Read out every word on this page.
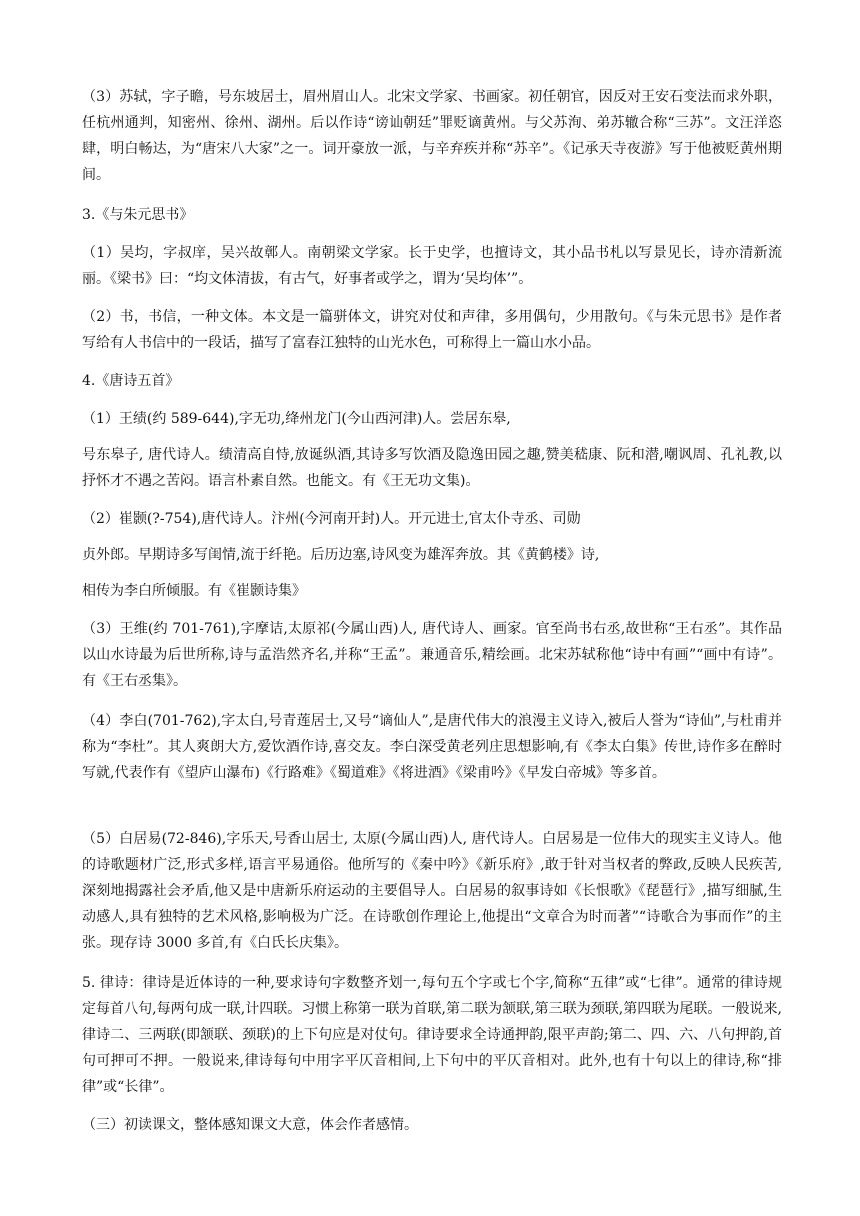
（3）苏轼，字子瞻，号东坡居士，眉州眉山人。北宋文学家、书画家。初任朝官，因反对王安石变法而求外职，任杭州通判，知密州、徐州、湖州。后以作诗“谤讪朝廷”罪贬谪黄州。与父苏洵、弟苏辙合称“三苏”。文汪洋恣肆，明白畅达，为“唐宋八大家”之一。词开豪放一派，与辛弃疾并称“苏辛”。《记承天寺夜游》写于他被贬黄州期间。

3.《与朱元思书》

（1）吴均，字叔庠，吴兴故鄣人。南朝梁文学家。长于史学，也擅诗文，其小品书札以写景见长，诗亦清新流丽。《梁书》曰：“均文体清拔，有古气，好事者或学之，谓为‘吴均体’”。

（2）书，书信，一种文体。本文是一篇骈体文，讲究对仗和声律，多用偶句，少用散句。《与朱元思书》是作者写给有人书信中的一段话，描写了富春江独特的山光水色，可称得上一篇山水小品。

4.《唐诗五首》

（1）王绩(约 589-644),字无功,绛州龙门(今山西河津)人。尝居东皋,

号东皋子, 唐代诗人。绩清高自恃,放诞纵酒,其诗多写饮酒及隐逸田园之趣,赞美嵇康、阮和潜,嘲讽周、孔礼教,以抒怀才不遇之苦闷。语言朴素自然。也能文。有《王无功文集)。

（2）崔颢(?-754),唐代诗人。汴州(今河南开封)人。开元进士,官太仆寺丞、司勋

贞外郎。早期诗多写闺情,流于纤艳。后历边塞,诗风变为雄浑奔放。其《黄鹤楼》诗,

相传为李白所倾服。有《崔颢诗集》

（3）王维(约 701-761),字摩诘,太原祁(今属山西)人, 唐代诗人、画家。官至尚书右丞,故世称“王右丞”。其作品以山水诗最为后世所称,诗与孟浩然齐名,并称“王孟”。兼通音乐,精绘画。北宋苏轼称他“诗中有画”“画中有诗”。有《王右丞集》。

（4）李白(701-762),字太白,号青莲居士,又号“谪仙人”,是唐代伟大的浪漫主义诗入,被后人誉为“诗仙”,与杜甫并称为“李杜”。其人爽朗大方,爱饮酒作诗,喜交友。李白深受黄老列庄思想影响,有《李太白集》传世,诗作多在醉时写就,代表作有《望庐山瀑布)《行路难》《蜀道难》《将进酒》《梁甫吟》《早发白帝城》等多首。

（5）白居易(72-846),字乐天,号香山居士, 太原(今属山西)人, 唐代诗人。白居易是一位伟大的现实主义诗人。他的诗歌题材广泛,形式多样,语言平易通俗。他所写的《秦中吟》《新乐府》,敢于针对当权者的弊政,反映人民疾苦,深刻地揭露社会矛盾,他又是中唐新乐府运动的主要倡导人。白居易的叙事诗如《长恨歌》《琵琶行》,描写细腻,生动感人,具有独特的艺术风格,影响极为广泛。在诗歌创作理论上,他提出“文章合为时而著”“诗歌合为事而作”的主张。现存诗 3000 多首,有《白氏长庆集》。

5. 律诗：律诗是近体诗的一种,要求诗句字数整齐划一,每句五个字或七个字,简称“五律”或“七律”。通常的律诗规定每首八句,每两句成一联,计四联。习惯上称第一联为首联,第二联为颔联,第三联为颈联,第四联为尾联。一般说来,律诗二、三两联(即颔联、颈联)的上下句应是对仗句。律诗要求全诗通押韵,限平声韵;第二、四、六、八句押韵,首句可押可不押。一般说来,律诗每句中用字平仄音相间,上下句中的平仄音相对。此外,也有十句以上的律诗,称“排律”或“长律”。

（三）初读课文，整体感知课文大意，体会作者感情。
